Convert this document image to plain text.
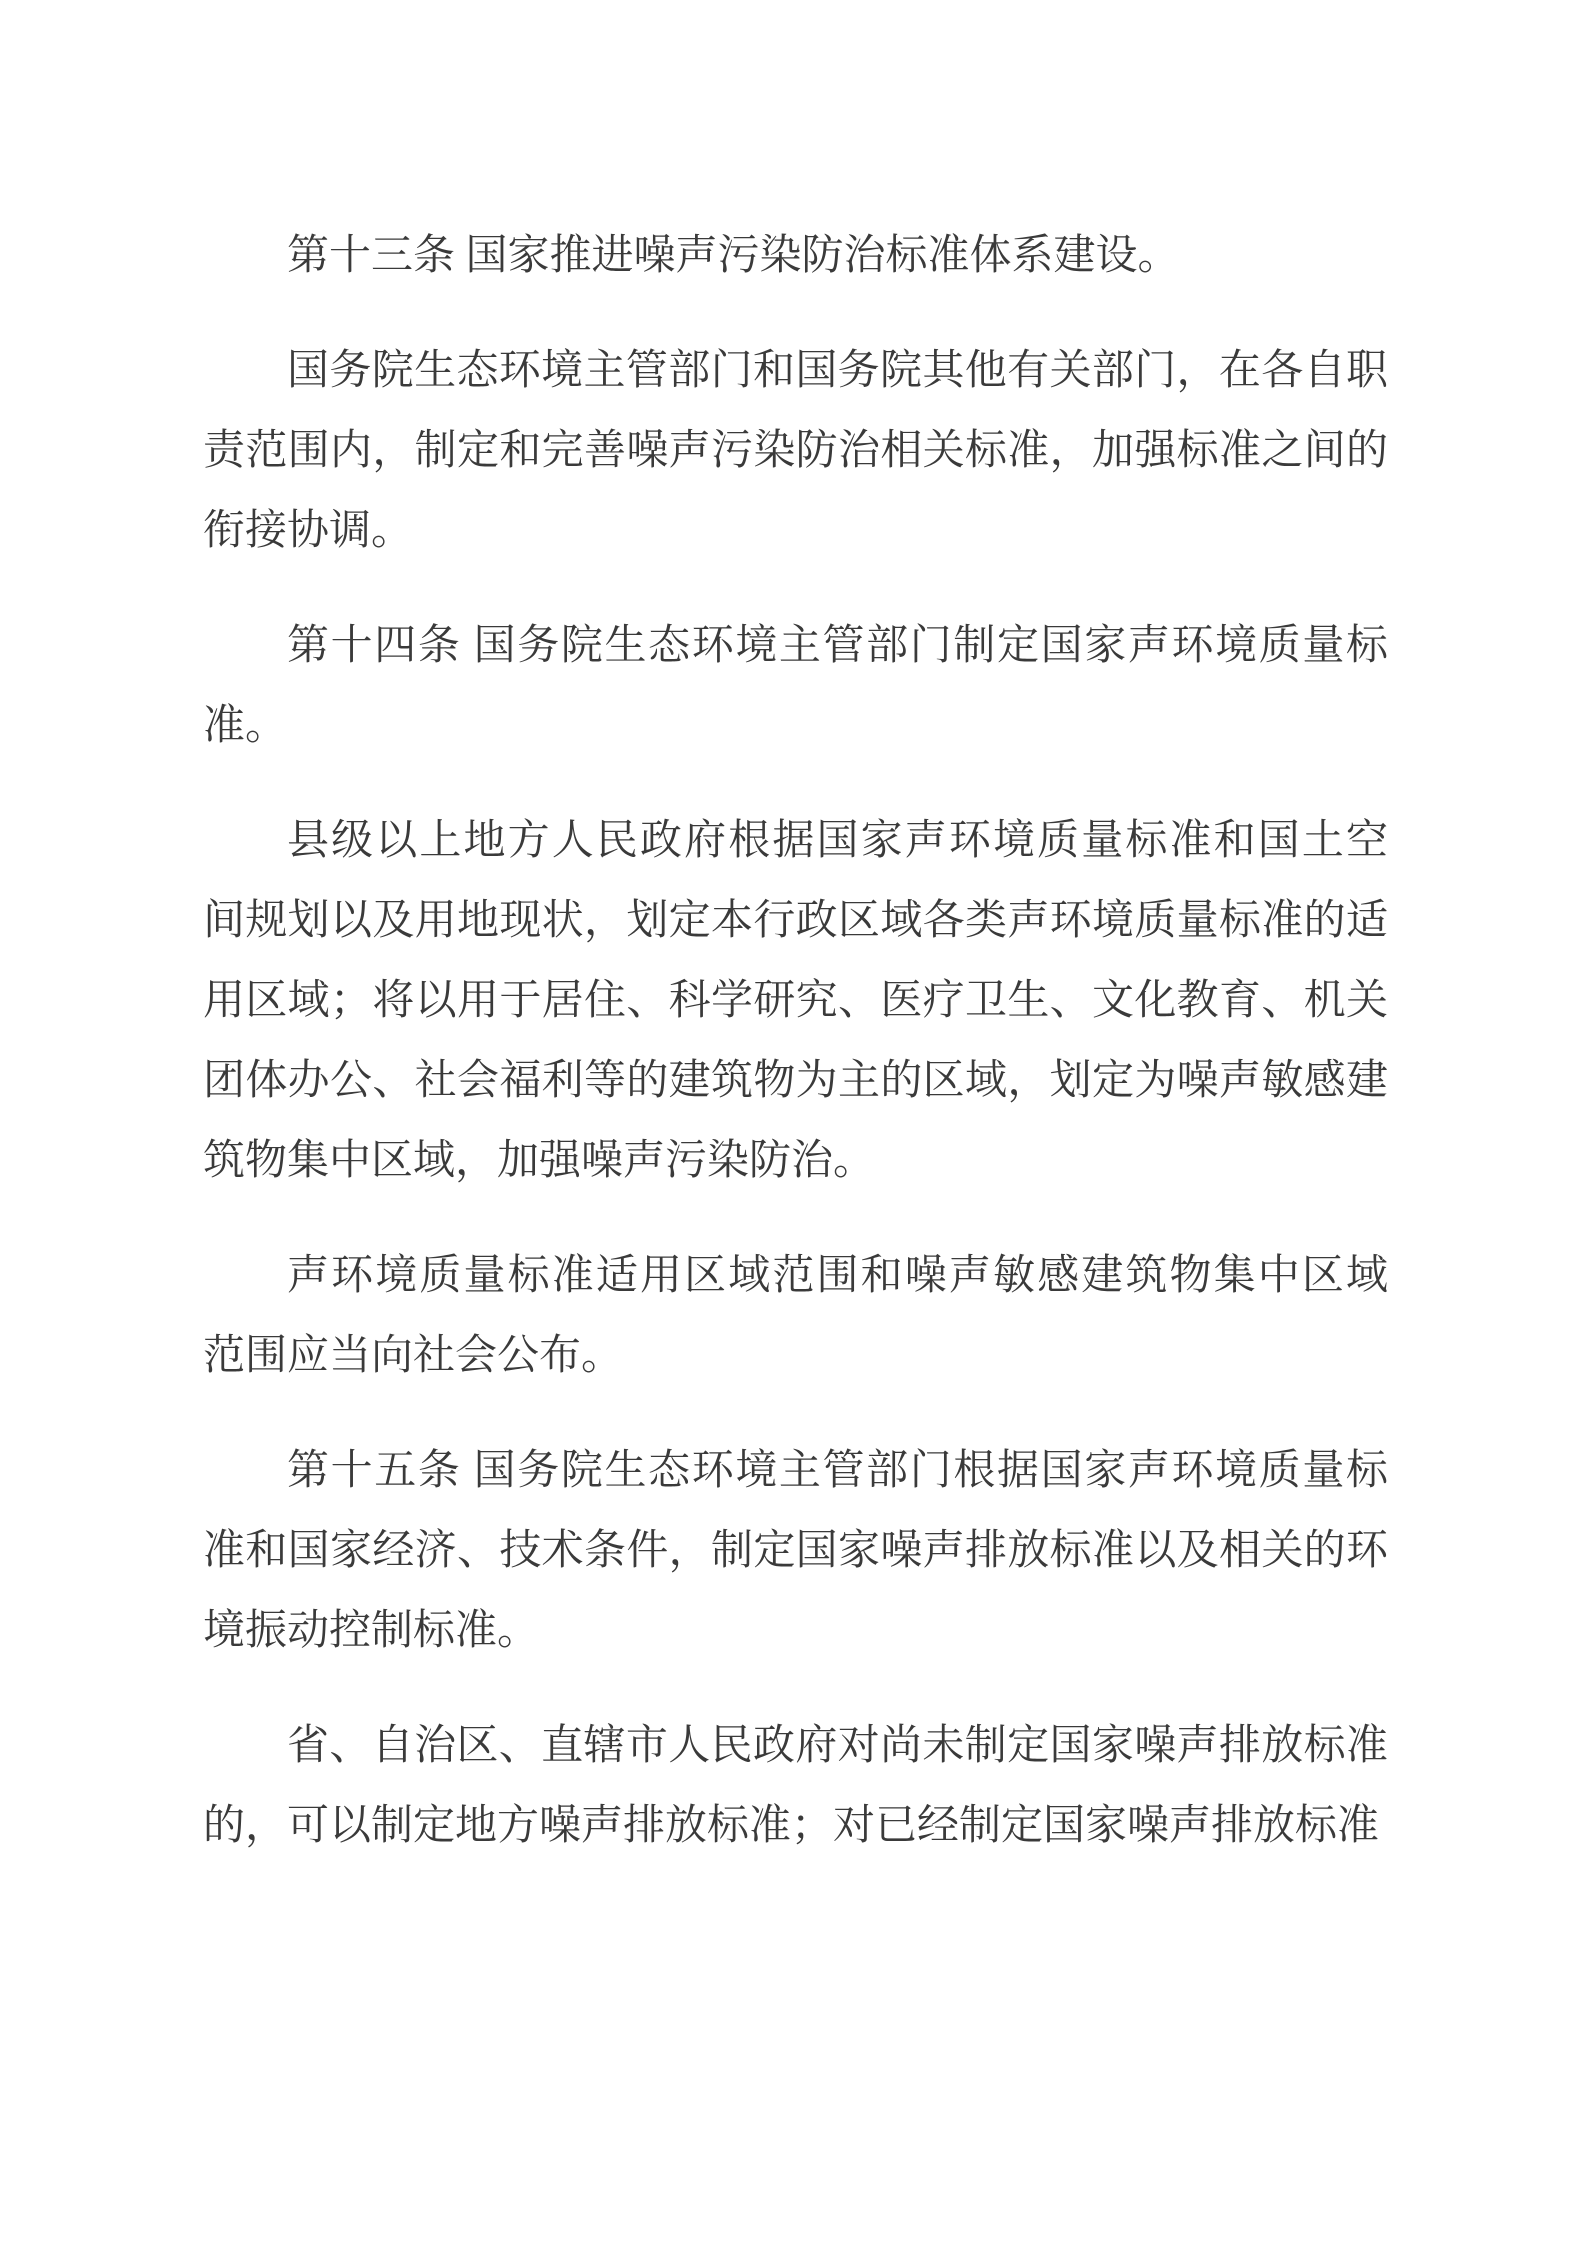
第十三条 国家推进噪声污染防治标准体系建设。
国务院生态环境主管部门和国务院其他有关部门，在各自职
责范围内，制定和完善噪声污染防治相关标准，加强标准之间的
衔接协调。
第十四条 国务院生态环境主管部门制定国家声环境质量标
准。
县级以上地方人民政府根据国家声环境质量标准和国土空
间规划以及用地现状，划定本行政区域各类声环境质量标准的适
用区域；将以用于居住、科学研究、医疗卫生、文化教育、机关
团体办公、社会福利等的建筑物为主的区域，划定为噪声敏感建
筑物集中区域，加强噪声污染防治。
声环境质量标准适用区域范围和噪声敏感建筑物集中区域
范围应当向社会公布。
第十五条 国务院生态环境主管部门根据国家声环境质量标
准和国家经济、技术条件，制定国家噪声排放标准以及相关的环
境振动控制标准。
省、自治区、直辖市人民政府对尚未制定国家噪声排放标准
的，可以制定地方噪声排放标准；对已经制定国家噪声排放标准
